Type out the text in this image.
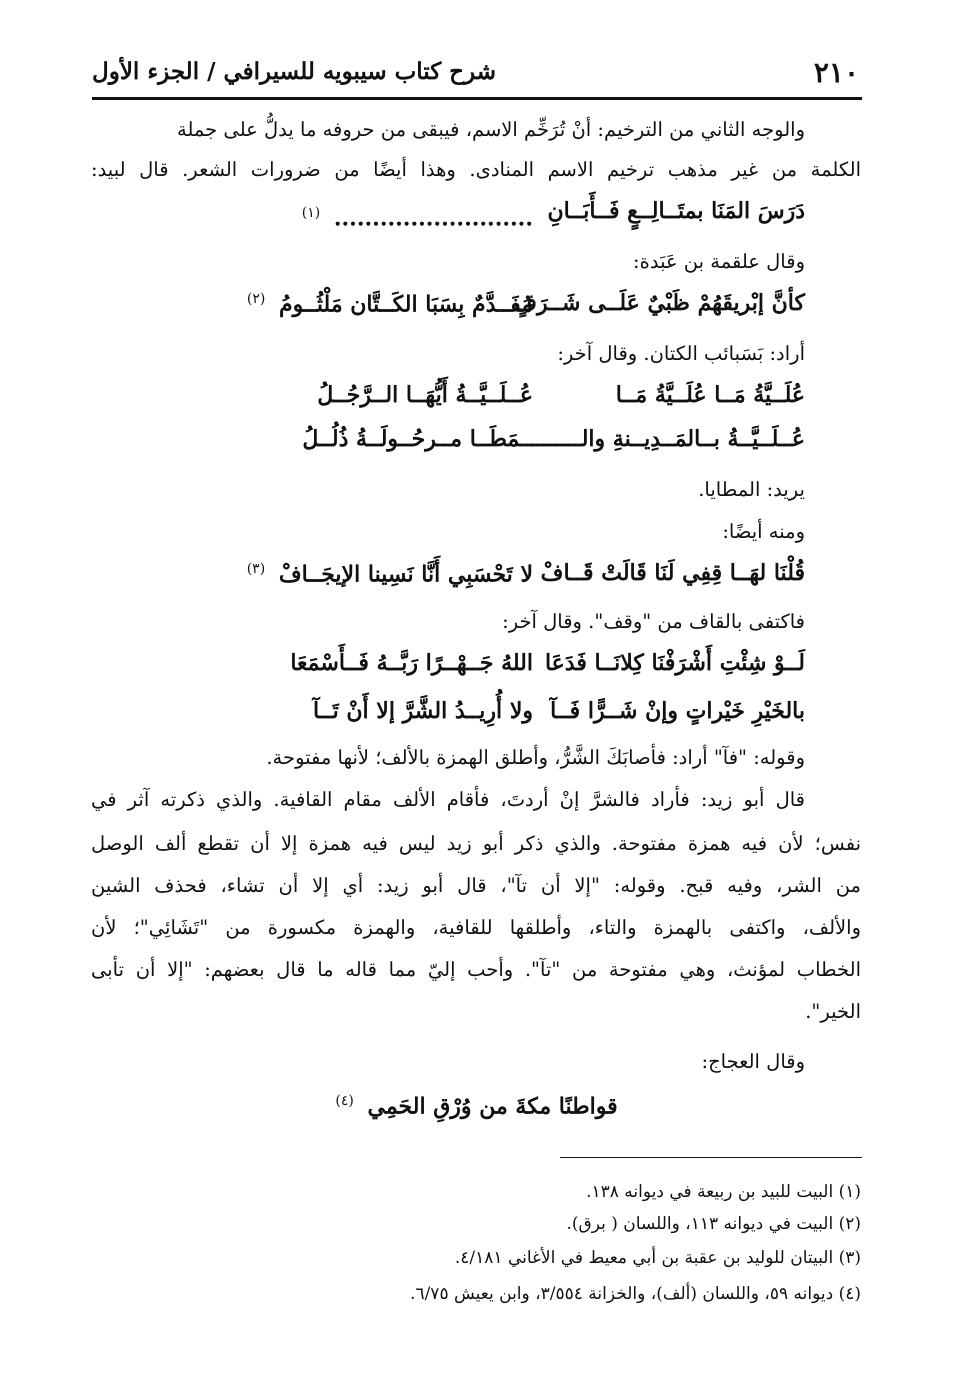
٢١٠
شرح كتاب سيبويه للسيرافي / الجزء الأول
والوجه الثاني من الترخيم: أنْ تُرَخِّم الاسم، فيبقى من حروفه ما يدلُّ على جملة
الكلمة من غير مذهب ترخيم الاسم المنادى. وهذا أيضًا من ضرورات الشعر. قال لبيد:
دَرَسَ المَنَا بمتَــالِــعٍ فَــأَبَــانِ
.......................... $^{(١)}$
وقال علقمة بن عَبَدة:
كأنَّ إبْريقَهُمْ ظَبْيٌ عَلَــى شَــرَفٍ
مُفَــدَّمٌ بِسَبَا الكَــتَّان مَلْثُــومُ $^{(٢)}$
أراد: بَسَبائب الكتان. وقال آخر:
عُلَــيَّةُ مَــا عُلَــيَّةُ مَــا
عُــلَــيَّــةُ أَيُّهَــا الــرَّجُــلُ
عُــلَــيَّــةُ بــالمَــدِيــنةِ والــــــــ
ــمَطَــا مــرحُــولَــةُ ذُلُــلُ
يريد: المطايا.
ومنه أيضًا:
قُلْنَا لهَــا قِفِي لَنَا قَالَتْ قَــافْ
لا تَحْسَبِي أَنَّا نَسِينا الإيجَــافْ $^{(٣)}$
فاكتفى بالقاف من "وقف". وقال آخر:
لَــوْ شِئْتِ أَشْرَفْنَا كِلانَــا فَدَعَا
اللهُ جَــهْــرًا رَبَّــهُ فَــأَسْمَعَا
بالخَيْرِ خَيْراتٍ وإنْ شَــرًّا فَــآ
ولا أُرِيــدُ الشَّرَّ إلا أَنْ تَــآ
وقوله: "فآ" أراد: فأصابَكَ الشَّرُّ، وأطلق الهمزة بالألف؛ لأنها مفتوحة.
قال أبو زيد: فأراد فالشرَّ إنْ أردتَ، فأقام الألف مقام القافية. والذي ذكرته آثر في
نفس؛ لأن فيه همزة مفتوحة. والذي ذكر أبو زيد ليس فيه همزة إلا أن تقطع ألف الوصل
من الشر، وفيه قبح. وقوله: "إلا أن تآ"، قال أبو زيد: أي إلا أن تشاء، فحذف الشين
والألف، واكتفى بالهمزة والتاء، وأطلقها للقافية، والهمزة مكسورة من "تَشَائِي"؛ لأن
الخطاب لمؤنث، وهي مفتوحة من "تآ". وأحب إليّ مما قاله ما قال بعضهم: "إلا أن تأبى
الخير".
وقال العجاج:
قواطنًا مكةَ من وُرْقِ الحَمِي $^{(٤)}$
(١) البيت للبيد بن ربيعة في ديوانه ١٣٨.
(٢) البيت في ديوانه ١١٣، واللسان ( برق).
(٣) البيتان للوليد بن عقبة بن أبي معيط في الأغاني ٤/١٨١.
(٤) ديوانه ٥٩، واللسان (ألف)، والخزانة ٣/٥٥٤، وابن يعيش ٦/٧٥.
